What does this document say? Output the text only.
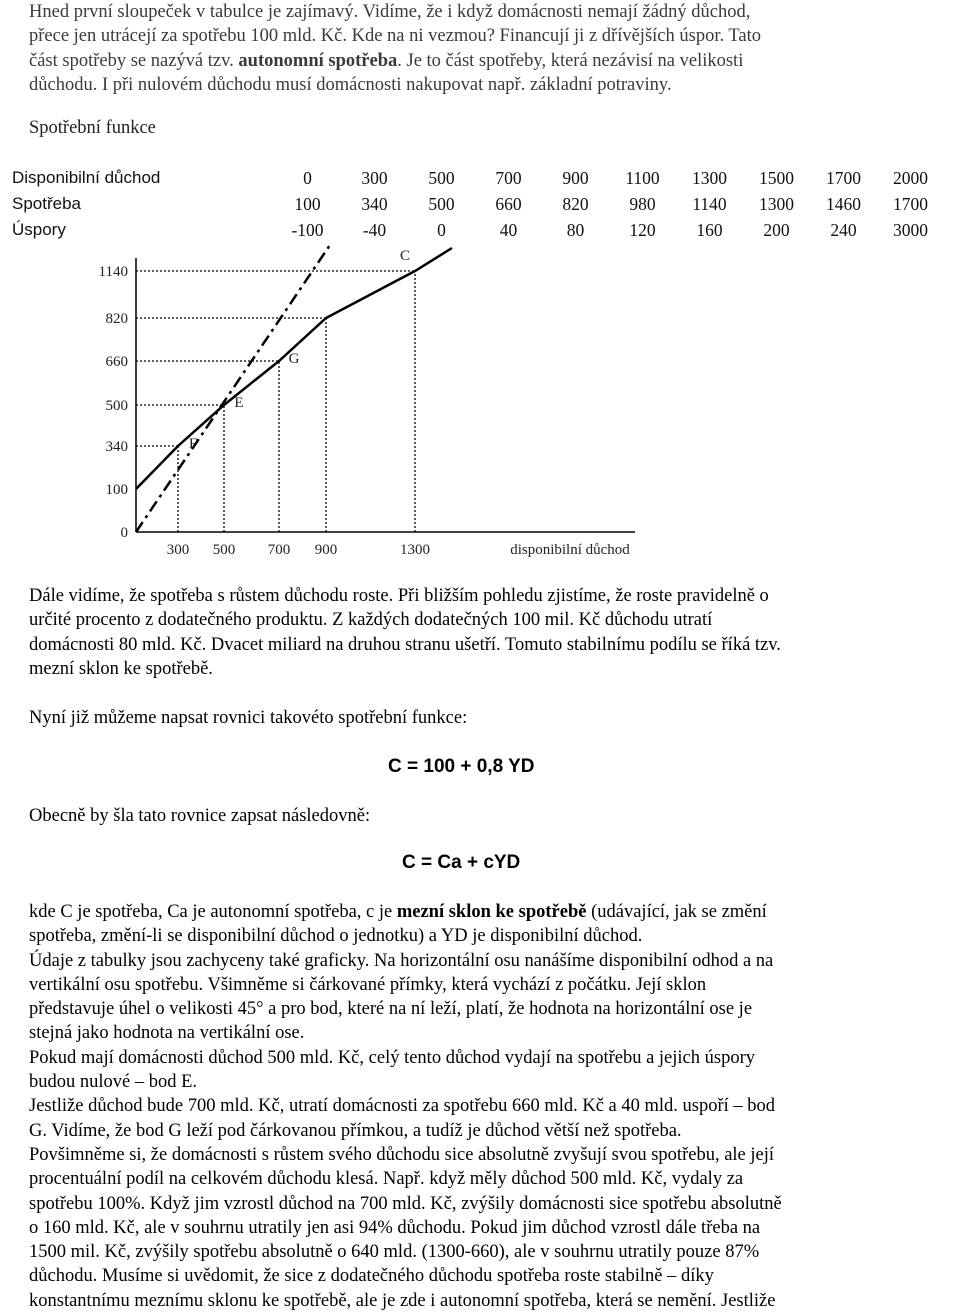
Hned první sloupeček v tabulce je zajímavý. Vidíme, že i když domácnosti nemají žádný důchod,
přece jen utrácejí za spotřebu 100 mld. Kč. Kde na ni vezmou? Financují ji z dřívějších úspor. Tato
část spotřeby se nazývá tzv. autonomní spotřeba. Je to část spotřeby, která nezávisí na velikosti
důchodu. I při nulovém důchodu musí domácnosti nakupovat např. základní potraviny.
Spotřební funkce
Disponibilní důchod	0	300	500	700	900	1100	1300	1500	1700	2000
Spotřeba	100	340	500	660	820	980	1140	1300	1460	1700
Úspory	-100	-40	0	40	80	120	160	200	240	3000
1140
820
660
500
340
100
0
300 500 700 900	1300	disponibilní důchod
C
F
E
G
Dále vidíme, že spotřeba s růstem důchodu roste. Při bližším pohledu zjistíme, že roste pravidelně o
určité procento z dodatečného produktu. Z každých dodatečných 100 mil. Kč důchodu utratí
domácnosti 80 mld. Kč. Dvacet miliard na druhou stranu ušetří. Tomuto stabilnímu podílu se říká tzv.
mezní sklon ke spotřebě.
Nyní již můžeme napsat rovnici takovéto spotřební funkce:
C = 100 + 0,8 YD
Obecně by šla tato rovnice zapsat následovně:
C = Ca + cYD
kde C je spotřeba, Ca je autonomní spotřeba, c je mezní sklon ke spotřebě (udávající, jak se změní
spotřeba, změní-li se disponibilní důchod o jednotku) a YD je disponibilní důchod.
Údaje z tabulky jsou zachyceny také graficky. Na horizontální osu nanášíme disponibilní odhod a na
vertikální osu spotřebu. Všimněme si čárkované přímky, která vychází z počátku. Její sklon
představuje úhel o velikosti 45° a pro bod, které na ní leží, platí, že hodnota na horizontální ose je
stejná jako hodnota na vertikální ose.
Pokud mají domácnosti důchod 500 mld. Kč, celý tento důchod vydají na spotřebu a jejich úspory
budou nulové – bod E.
Jestliže důchod bude 700 mld. Kč, utratí domácnosti za spotřebu 660 mld. Kč a 40 mld. uspoří – bod
G. Vidíme, že bod G leží pod čárkovanou přímkou, a tudíž je důchod větší než spotřeba.
Povšimněme si, že domácnosti s růstem svého důchodu sice absolutně zvyšují svou spotřebu, ale její
procentuální podíl na celkovém důchodu klesá. Např. když měly důchod 500 mld. Kč, vydaly za
spotřebu 100%. Když jim vzrostl důchod na 700 mld. Kč, zvýšily domácnosti sice spotřebu absolutně
o 160 mld. Kč, ale v souhrnu utratily jen asi 94% důchodu. Pokud jim důchod vzrostl dále třeba na
1500 mil. Kč, zvýšily spotřebu absolutně o 640 mld. (1300-660), ale v souhrnu utratily pouze 87%
důchodu. Musíme si uvědomit, že sice z dodatečného důchodu spotřeba roste stabilně – díky
konstantnímu meznímu sklonu ke spotřebě, ale je zde i autonomní spotřeba, která se nemění. Jestliže
